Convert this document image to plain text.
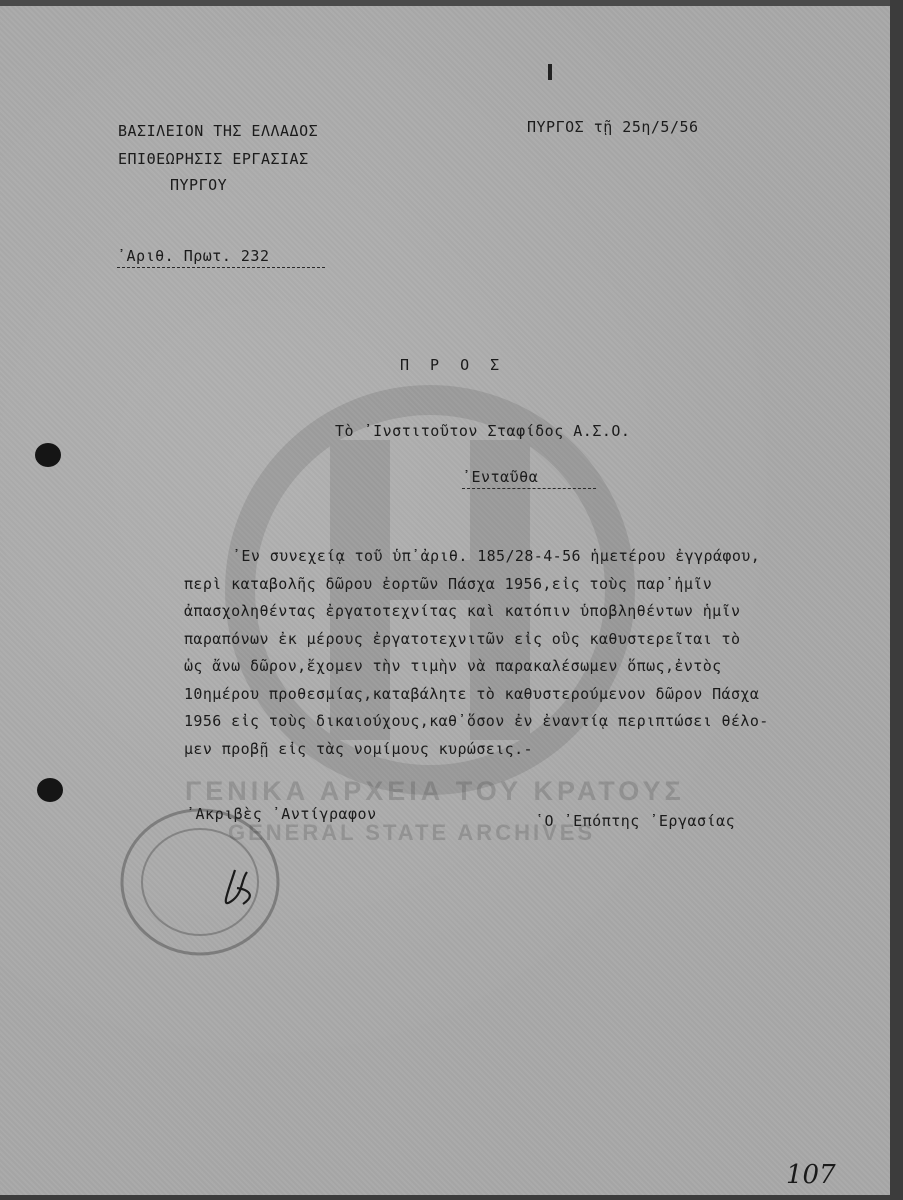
ΓΕΝΙΚΑ ΑΡΧΕΙΑ ΤΟΥ ΚΡΑΤΟΥΣ
GENERAL STATE ARCHIVES
ΒΑΣΙΛΕΙΟΝ ΤΗΣ ΕΛΛΑΔΟΣ
ΕΠΙΘΕΩΡΗΣΙΣ ΕΡΓΑΣΙΑΣ
ΠΥΡΓΟΥ
ΠΥΡΓΟΣ τῇ 25η/5/56
᾽Αριθ. Πρωτ. 232
Π Ρ Ο Σ
Τὸ ᾽Ινστιτοῦτον Σταφίδος Α.Σ.Ο.
᾽Ενταῦθα
᾽Εν συνεχείᾳ τοῦ ὑπ᾽ἀριθ. 185/28-4-56 ἡμετέρου ἐγγράφου,
περὶ καταβολῆς δῶρου ἐορτῶν Πάσχα 1956,εἰς τοὺς παρ᾽ἡμῖν
ἀπασχοληθέντας ἐργατοτεχνίτας καὶ κατόπιν ὑποβληθέντων ἡμῖν
παραπόνων ἐκ μέρους ἐργατοτεχνιτῶν εἰς οὓς καθυστερεῖται τὸ
ὡς ἄνω δῶρον,ἔχομεν τὴν τιμὴν νὰ παρακαλέσωμεν ὅπως,ἐντὸς
10ημέρου προθεσμίας,καταβάλητε τὸ καθυστερούμενον δῶρον Πάσχα
1956 εἰς τοὺς δικαιούχους,καθ᾽ὅσον ἐν ἐναντίᾳ περιπτώσει θέλο-
μεν προβῇ εἰς τὰς νομίμους κυρώσεις.-
᾽Ακριβὲς ᾽Αντίγραφον	῾Ο ᾽Επόπτης ᾽Εργασίας
107
